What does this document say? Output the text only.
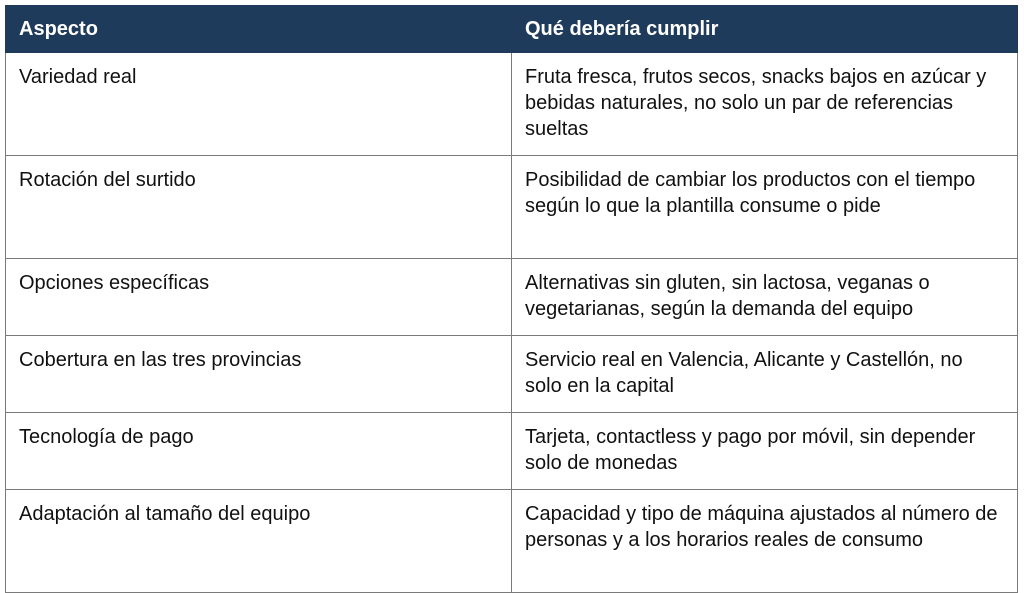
Aspecto	Qué debería cumplir
Variedad real	Fruta fresca, frutos secos, snacks bajos en azúcar y bebidas naturales, no solo un par de referencias sueltas
Rotación del surtido	Posibilidad de cambiar los productos con el tiempo según lo que la plantilla consume o pide
Opciones específicas	Alternativas sin gluten, sin lactosa, veganas o vegetarianas, según la demanda del equipo
Cobertura en las tres provincias	Servicio real en Valencia, Alicante y Castellón, no solo en la capital
Tecnología de pago	Tarjeta, contactless y pago por móvil, sin depender solo de monedas
Adaptación al tamaño del equipo	Capacidad y tipo de máquina ajustados al número de personas y a los horarios reales de consumo
